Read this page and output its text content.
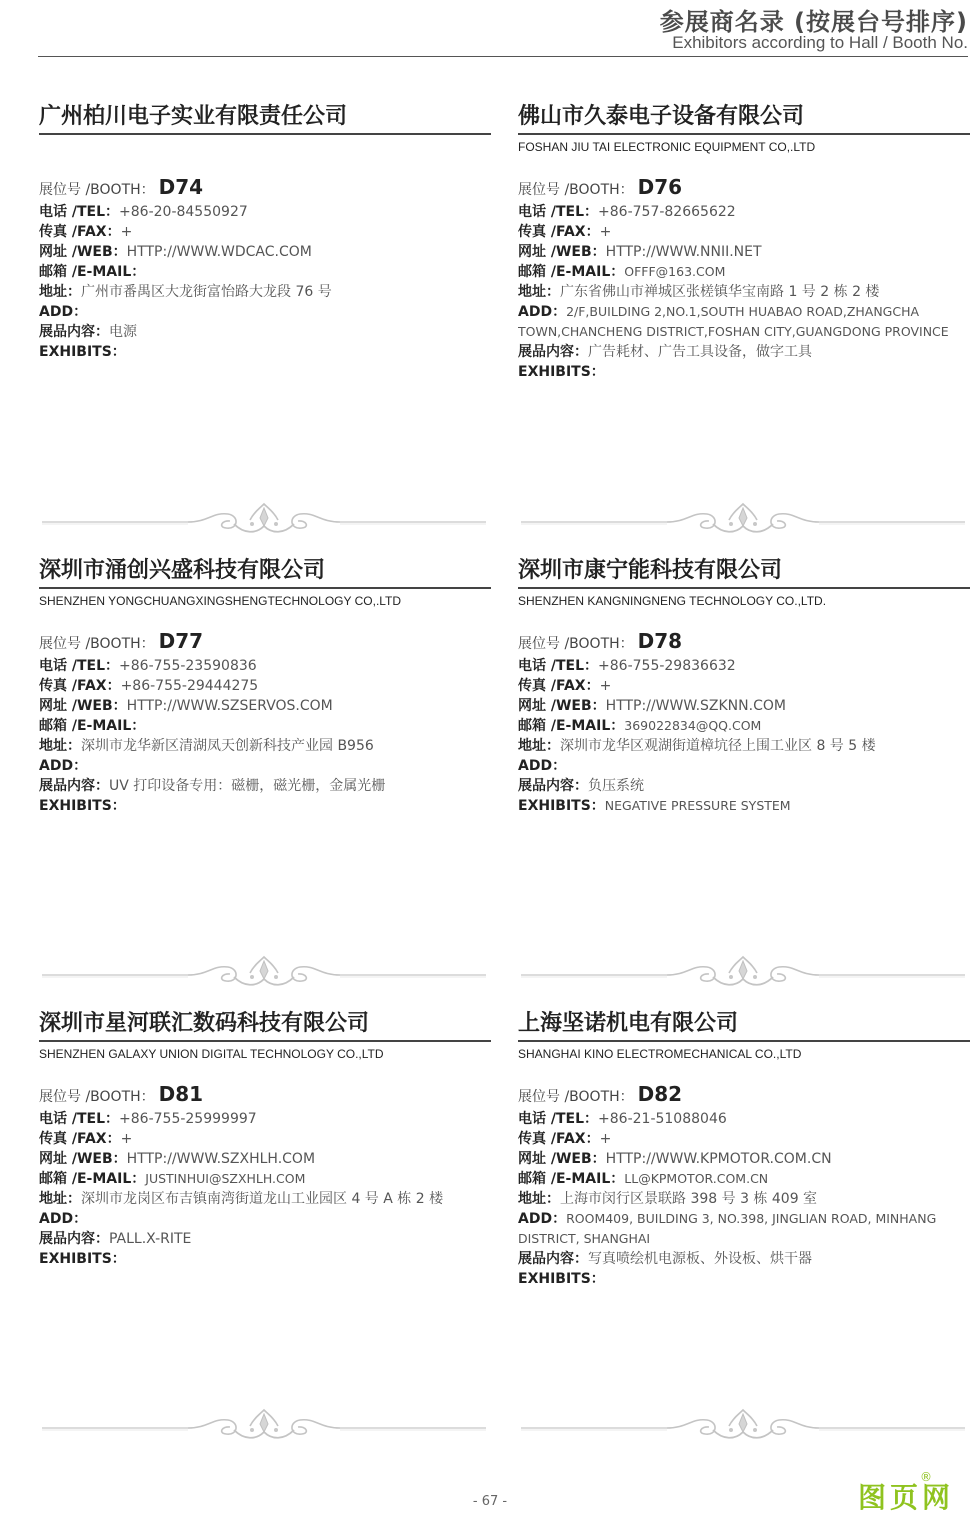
参展商名录 (按展台号排序)
Exhibitors according to Hall / Booth No.
广州柏川电子实业有限责任公司
展位号 /BOOTH： D74
电话 /TEL：+86-20-84550927
传真 /FAX：+
网址 /WEB：HTTP://WWW.WDCAC.COM
邮箱 /E-MAIL：
地址：广州市番禺区大龙街富怡路大龙段 76 号
ADD：
展品内容：电源
EXHIBITS：
佛山市久泰电子设备有限公司
FOSHAN JIU TAI ELECTRONIC EQUIPMENT CO,.LTD
展位号 /BOOTH： D76
电话 /TEL：+86-757-82665622
传真 /FAX：+
网址 /WEB：HTTP://WWW.NNII.NET
邮箱 /E-MAIL：OFFF@163.COM
地址：广东省佛山市禅城区张槎镇华宝南路 1 号 2 栋 2 楼
ADD：2/F,BUILDING 2,NO.1,SOUTH HUABAO ROAD,ZHANGCHA TOWN,CHANCHENG DISTRICT,FOSHAN CITY,GUANGDONG PROVINCE
展品内容：广告耗材、广告工具设备，做字工具
EXHIBITS：
深圳市涌创兴盛科技有限公司
SHENZHEN YONGCHUANGXINGSHENGTECHNOLOGY CO,.LTD
展位号 /BOOTH： D77
电话 /TEL：+86-755-23590836
传真 /FAX：+86-755-29444275
网址 /WEB：HTTP://WWW.SZSERVOS.COM
邮箱 /E-MAIL：
地址：深圳市龙华新区清湖凤天创新科技产业园 B956
ADD：
展品内容：UV 打印设备专用：磁栅，磁光栅，金属光栅
EXHIBITS：
深圳市康宁能科技有限公司
SHENZHEN KANGNINGNENG TECHNOLOGY CO.,LTD.
展位号 /BOOTH： D78
电话 /TEL：+86-755-29836632
传真 /FAX：+
网址 /WEB：HTTP://WWW.SZKNN.COM
邮箱 /E-MAIL：369022834@QQ.COM
地址：深圳市龙华区观湖街道樟坑径上围工业区 8 号 5 楼
ADD：
展品内容：负压系统
EXHIBITS：NEGATIVE PRESSURE SYSTEM
深圳市星河联汇数码科技有限公司
SHENZHEN GALAXY UNION DIGITAL TECHNOLOGY CO.,LTD
展位号 /BOOTH： D81
电话 /TEL：+86-755-25999997
传真 /FAX：+
网址 /WEB：HTTP://WWW.SZXHLH.COM
邮箱 /E-MAIL：JUSTINHUI@SZXHLH.COM
地址：深圳市龙岗区布吉镇南湾街道龙山工业园区 4 号 A 栋 2 楼
ADD：
展品内容：PALL.X-RITE
EXHIBITS：
上海坚诺机电有限公司
SHANGHAI KINO ELECTROMECHANICAL CO.,LTD
展位号 /BOOTH： D82
电话 /TEL：+86-21-51088046
传真 /FAX：+
网址 /WEB：HTTP://WWW.KPMOTOR.COM.CN
邮箱 /E-MAIL：LL@KPMOTOR.COM.CN
地址：上海市闵行区景联路 398 号 3 栋 409 室
ADD：ROOM409, BUILDING 3, NO.398, JINGLIAN ROAD, MINHANG DISTRICT, SHANGHAI
展品内容：写真喷绘机电源板、外设板、烘干器
EXHIBITS：
- 67 -	图页网
®
